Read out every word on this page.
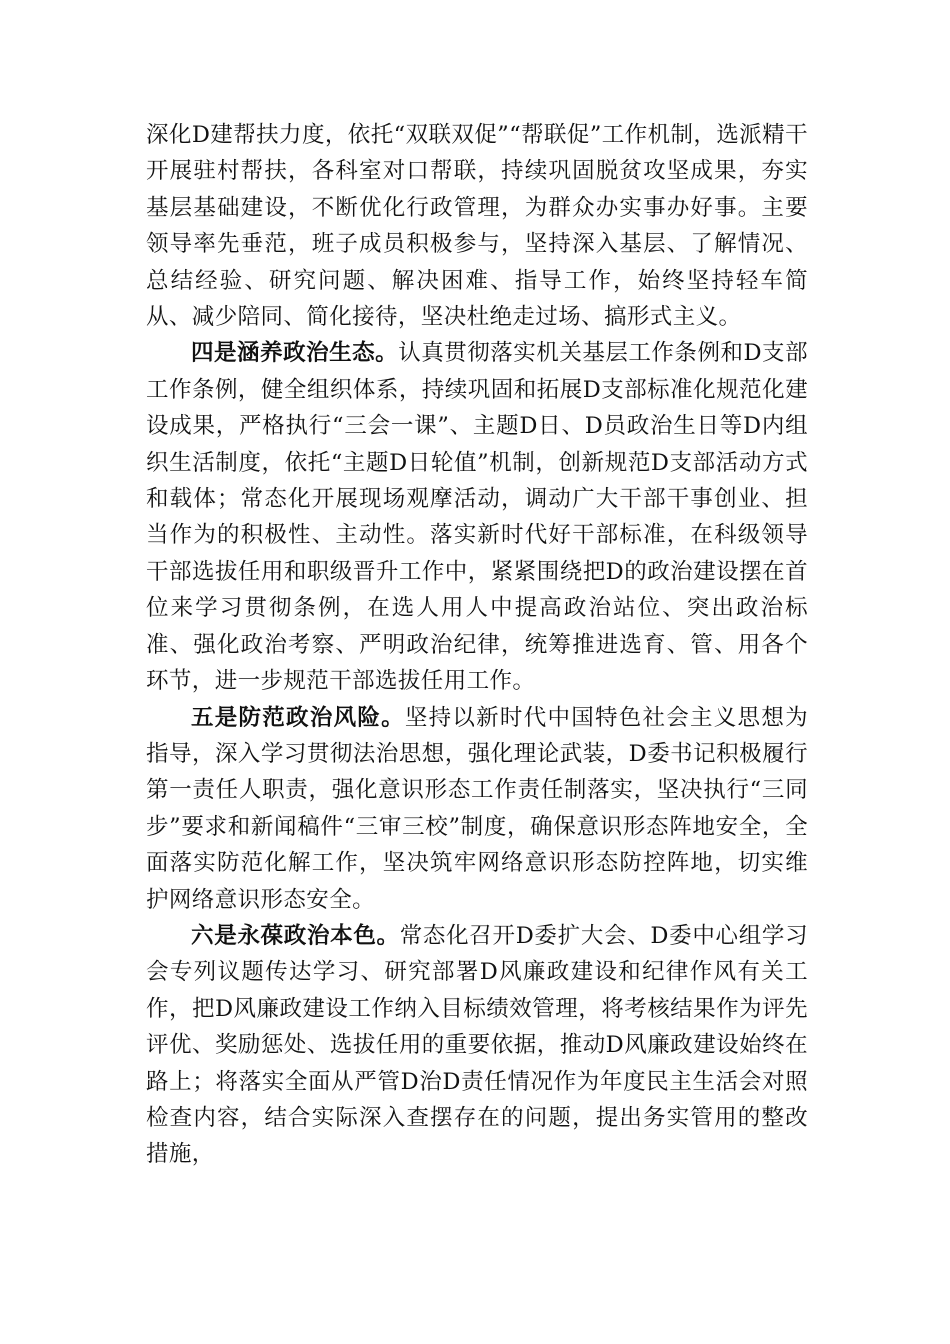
深化D建帮扶力度，依托“双联双促”“帮联促”工作机制，选派精干开展驻村帮扶，各科室对口帮联，持续巩固脱贫攻坚成果，夯实基层基础建设，不断优化行政管理，为群众办实事办好事。主要领导率先垂范，班子成员积极参与，坚持深入基层、了解情况、总结经验、研究问题、解决困难、指导工作，始终坚持轻车简从、减少陪同、简化接待，坚决杜绝走过场、搞形式主义。

四是涵养政治生态。认真贯彻落实机关基层工作条例和D支部工作条例，健全组织体系，持续巩固和拓展D支部标准化规范化建设成果，严格执行“三会一课”、主题D日、D员政治生日等D内组织生活制度，依托“主题D日轮值”机制，创新规范D支部活动方式和载体；常态化开展现场观摩活动，调动广大干部干事创业、担当作为的积极性、主动性。落实新时代好干部标准，在科级领导干部选拔任用和职级晋升工作中，紧紧围绕把D的政治建设摆在首位来学习贯彻条例，在选人用人中提高政治站位、突出政治标准、强化政治考察、严明政治纪律，统筹推进选育、管、用各个环节，进一步规范干部选拔任用工作。

五是防范政治风险。坚持以新时代中国特色社会主义思想为指导，深入学习贯彻法治思想，强化理论武装，D委书记积极履行第一责任人职责，强化意识形态工作责任制落实，坚决执行“三同步”要求和新闻稿件“三审三校”制度，确保意识形态阵地安全，全面落实防范化解工作，坚决筑牢网络意识形态防控阵地，切实维护网络意识形态安全。

六是永葆政治本色。常态化召开D委扩大会、D委中心组学习会专列议题传达学习、研究部署D风廉政建设和纪律作风有关工作，把D风廉政建设工作纳入目标绩效管理，将考核结果作为评先评优、奖励惩处、选拔任用的重要依据，推动D风廉政建设始终在路上；将落实全面从严管D治D责任情况作为年度民主生活会对照检查内容，结合实际深入查摆存在的问题，提出务实管用的整改措施，
